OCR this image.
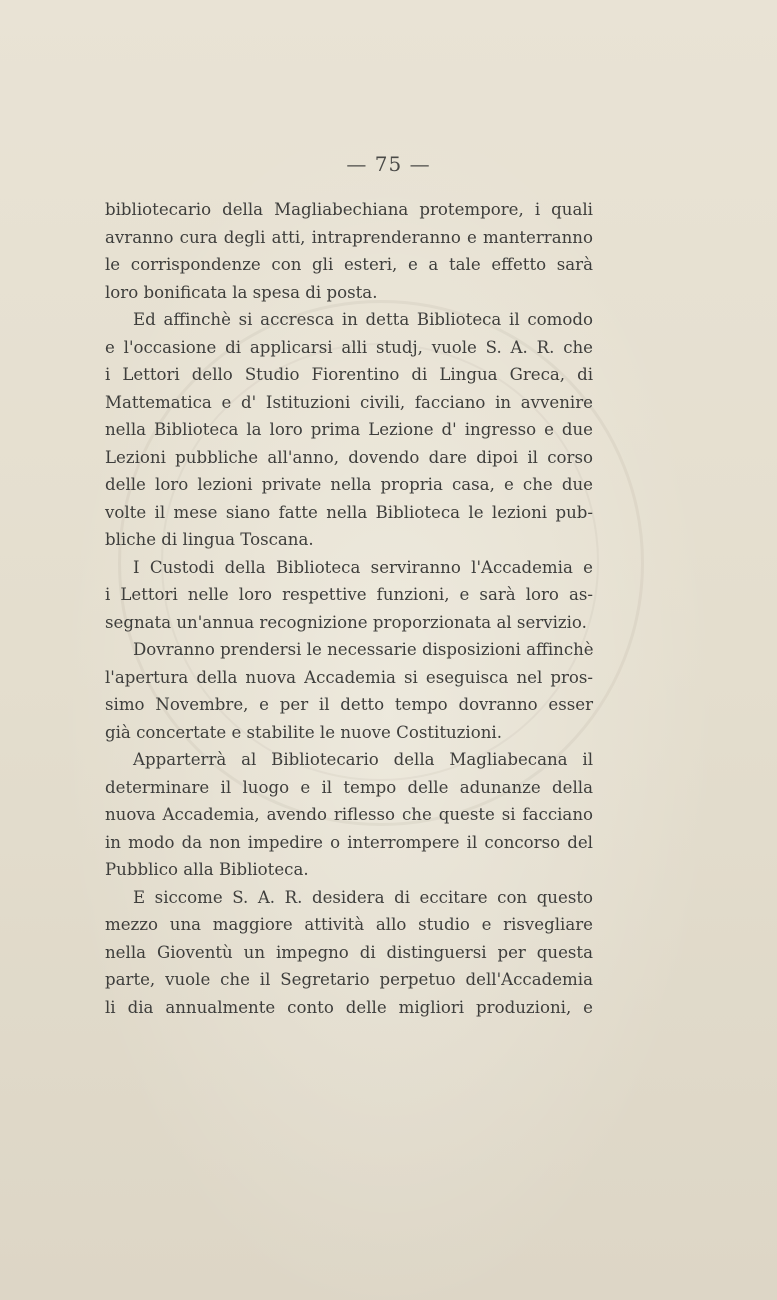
— 75 —
bibliotecario della Magliabechiana protempore, i quali
avranno cura degli atti, intraprenderanno e manterranno
le corrispondenze con gli esteri, e a tale effetto sarà
loro bonificata la spesa di posta.
Ed affinchè si accresca in detta Biblioteca il comodo
e l'occasione di applicarsi alli studj, vuole S. A. R. che
i Lettori dello Studio Fiorentino di Lingua Greca, di
Mattematica e d' Istituzioni civili, facciano in avvenire
nella Biblioteca la loro prima Lezione d' ingresso e due
Lezioni pubbliche all'anno, dovendo dare dipoi il corso
delle loro lezioni private nella propria casa, e che due
volte il mese siano fatte nella Biblioteca le lezioni pub-
bliche di lingua Toscana.
I Custodi della Biblioteca serviranno l'Accademia e
i Lettori nelle loro respettive funzioni, e sarà loro as-
segnata un'annua recognizione proporzionata al servizio.
Dovranno prendersi le necessarie disposizioni affinchè
l'apertura della nuova Accademia si eseguisca nel pros-
simo Novembre, e per il detto tempo dovranno esser
già concertate e stabilite le nuove Costituzioni.
Apparterrà al Bibliotecario della Magliabecana il
determinare il luogo e il tempo delle adunanze della
nuova Accademia, avendo riflesso che queste si facciano
in modo da non impedire o interrompere il concorso del
Pubblico alla Biblioteca.
E siccome S. A. R. desidera di eccitare con questo
mezzo una maggiore attività allo studio e risvegliare
nella Gioventù un impegno di distinguersi per questa
parte, vuole che il Segretario perpetuo dell'Accademia
li dia annualmente conto delle migliori produzioni, e
